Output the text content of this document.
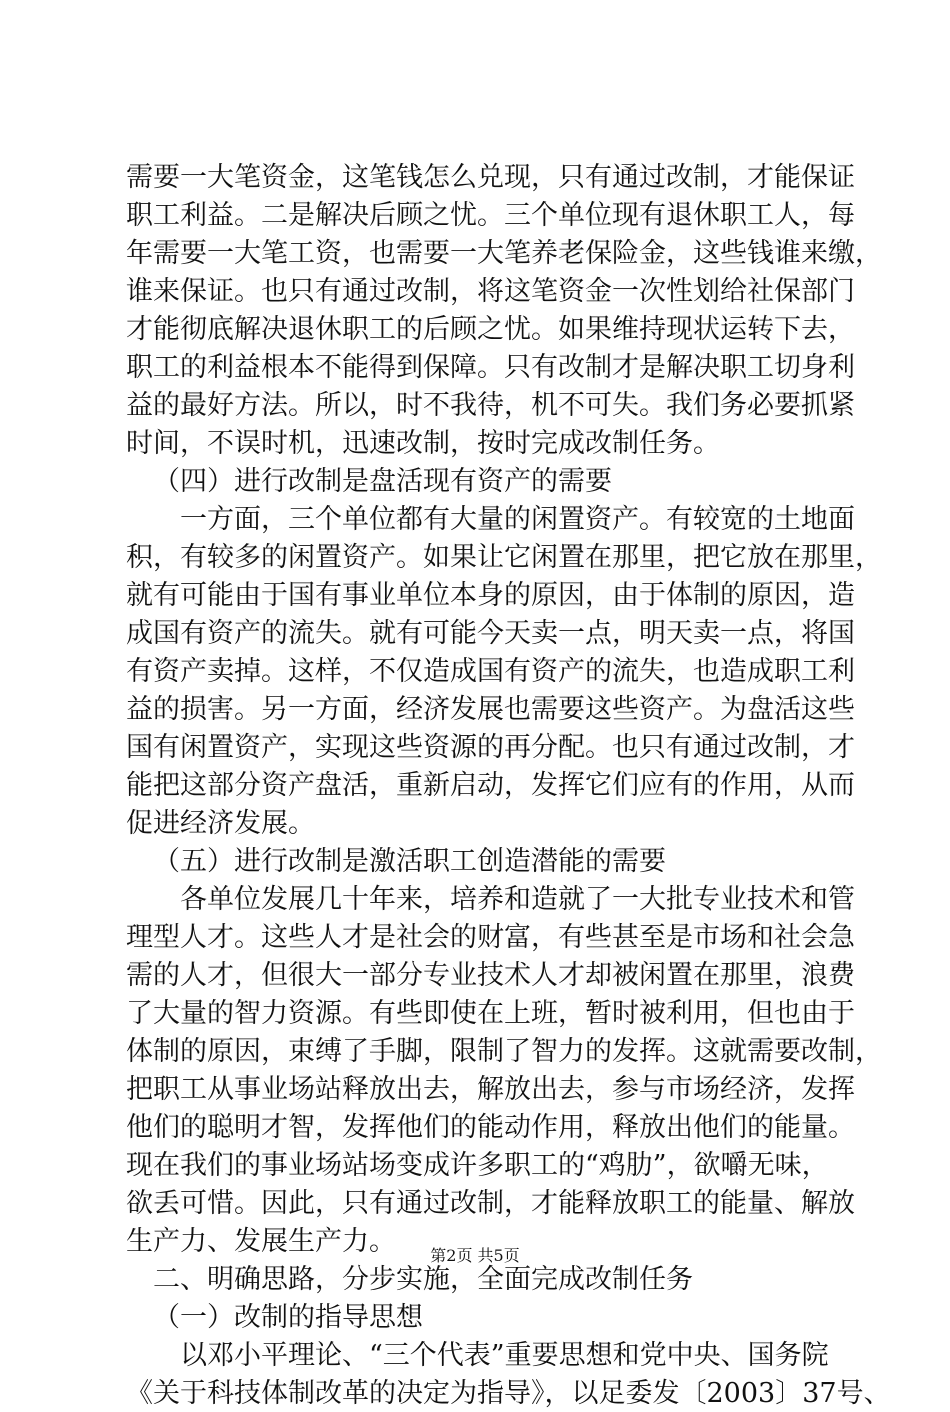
需要一大笔资金，这笔钱怎么兑现，只有通过改制，才能保证
职工利益。二是解决后顾之忧。三个单位现有退休职工人，每
年需要一大笔工资，也需要一大笔养老保险金，这些钱谁来缴，
谁来保证。也只有通过改制，将这笔资金一次性划给社保部门
才能彻底解决退休职工的后顾之忧。如果维持现状运转下去，
职工的利益根本不能得到保障。只有改制才是解决职工切身利
益的最好方法。所以，时不我待，机不可失。我们务必要抓紧
时间，不误时机，迅速改制，按时完成改制任务。
（四）进行改制是盘活现有资产的需要
一方面，三个单位都有大量的闲置资产。有较宽的土地面
积，有较多的闲置资产。如果让它闲置在那里，把它放在那里，
就有可能由于国有事业单位本身的原因，由于体制的原因，造
成国有资产的流失。就有可能今天卖一点，明天卖一点，将国
有资产卖掉。这样，不仅造成国有资产的流失，也造成职工利
益的损害。另一方面，经济发展也需要这些资产。为盘活这些
国有闲置资产，实现这些资源的再分配。也只有通过改制，才
能把这部分资产盘活，重新启动，发挥它们应有的作用，从而
促进经济发展。
（五）进行改制是激活职工创造潜能的需要
各单位发展几十年来，培养和造就了一大批专业技术和管
理型人才。这些人才是社会的财富，有些甚至是市场和社会急
需的人才，但很大一部分专业技术人才却被闲置在那里，浪费
了大量的智力资源。有些即使在上班，暂时被利用，但也由于
体制的原因，束缚了手脚，限制了智力的发挥。这就需要改制，
把职工从事业场站释放出去，解放出去，参与市场经济，发挥
他们的聪明才智，发挥他们的能动作用，释放出他们的能量。
现在我们的事业场站场变成许多职工的“鸡肋”，欲嚼无味，
欲丢可惜。因此，只有通过改制，才能释放职工的能量、解放
生产力、发展生产力。
二、明确思路，分步实施，全面完成改制任务
（一）改制的指导思想
以邓小平理论、“三个代表”重要思想和党中央、国务院
《关于科技体制改革的决定为指导》，以足委发〔2003〕37号、
第2页 共5页
